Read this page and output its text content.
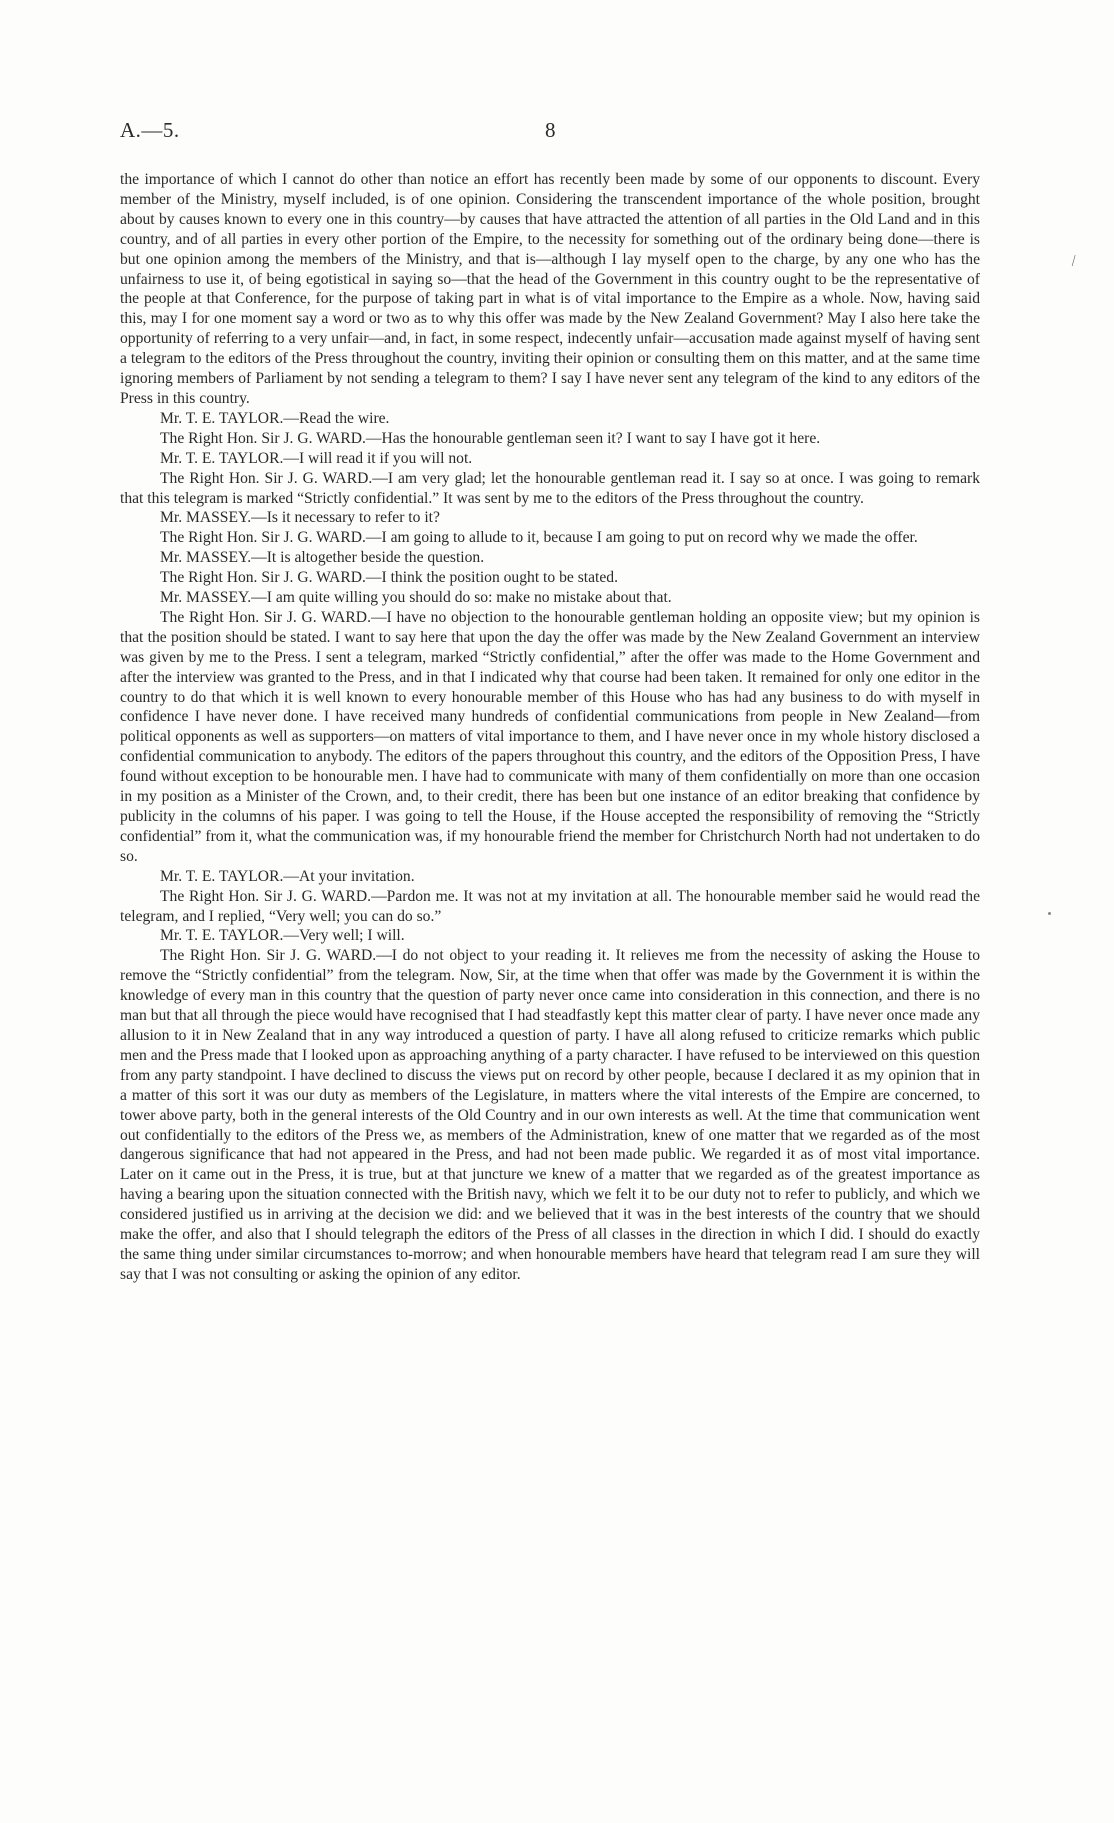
A.—5.	8
⁄

the importance of which I cannot do other than notice an effort has recently been made by some of our opponents to discount. Every member of the Ministry, myself included, is of one opinion. Considering the transcendent importance of the whole position, brought about by causes known to every one in this country—by causes that have attracted the attention of all parties in the Old Land and in this country, and of all parties in every other portion of the Empire, to the necessity for something out of the ordinary being done—there is but one opinion among the members of the Ministry, and that is—although I lay myself open to the charge, by any one who has the unfairness to use it, of being egotistical in saying so—that the head of the Government in this country ought to be the representative of the people at that Conference, for the purpose of taking part in what is of vital importance to the Empire as a whole. Now, having said this, may I for one moment say a word or two as to why this offer was made by the New Zealand Government? May I also here take the opportunity of referring to a very unfair—and, in fact, in some respect, indecently unfair—accusation made against myself of having sent a telegram to the editors of the Press throughout the country, inviting their opinion or consulting them on this matter, and at the same time ignoring members of Parliament by not sending a telegram to them? I say I have never sent any telegram of the kind to any editors of the Press in this country.

Mr. T. E. TAYLOR.—Read the wire.

The Right Hon. Sir J. G. WARD.—Has the honourable gentleman seen it? I want to say I have got it here.

Mr. T. E. TAYLOR.—I will read it if you will not.

The Right Hon. Sir J. G. WARD.—I am very glad; let the honourable gentleman read it. I say so at once. I was going to remark that this telegram is marked “Strictly confidential.” It was sent by me to the editors of the Press throughout the country.

Mr. MASSEY.—Is it necessary to refer to it?

The Right Hon. Sir J. G. WARD.—I am going to allude to it, because I am going to put on record why we made the offer.

Mr. MASSEY.—It is altogether beside the question.

The Right Hon. Sir J. G. WARD.—I think the position ought to be stated.

Mr. MASSEY.—I am quite willing you should do so: make no mistake about that.

The Right Hon. Sir J. G. WARD.—I have no objection to the honourable gentleman holding an opposite view; but my opinion is that the position should be stated. I want to say here that upon the day the offer was made by the New Zealand Government an interview was given by me to the Press. I sent a telegram, marked “Strictly confidential,” after the offer was made to the Home Government and after the interview was granted to the Press, and in that I indicated why that course had been taken. It remained for only one editor in the country to do that which it is well known to every honourable member of this House who has had any business to do with myself in confidence I have never done. I have received many hundreds of confidential communications from people in New Zealand—from political opponents as well as supporters—on matters of vital importance to them, and I have never once in my whole history disclosed a confidential communication to anybody. The editors of the papers throughout this country, and the editors of the Opposition Press, I have found without exception to be honourable men. I have had to communicate with many of them confidentially on more than one occasion in my position as a Minister of the Crown, and, to their credit, there has been but one instance of an editor breaking that confidence by publicity in the columns of his paper. I was going to tell the House, if the House accepted the responsibility of removing the “Strictly confidential” from it, what the communication was, if my honourable friend the member for Christchurch North had not undertaken to do so.

Mr. T. E. TAYLOR.—At your invitation.

The Right Hon. Sir J. G. WARD.—Pardon me. It was not at my invitation at all. The honourable member said he would read the telegram, and I replied, “Very well; you can do so.”

Mr. T. E. TAYLOR.—Very well; I will.

The Right Hon. Sir J. G. WARD.—I do not object to your reading it. It relieves me from the necessity of asking the House to remove the “Strictly confidential” from the telegram. Now, Sir, at the time when that offer was made by the Government it is within the knowledge of every man in this country that the question of party never once came into consideration in this connection, and there is no man but that all through the piece would have recognised that I had steadfastly kept this matter clear of party. I have never once made any allusion to it in New Zealand that in any way introduced a question of party. I have all along refused to criticize remarks which public men and the Press made that I looked upon as approaching anything of a party character. I have refused to be interviewed on this question from any party standpoint. I have declined to discuss the views put on record by other people, because I declared it as my opinion that in a matter of this sort it was our duty as members of the Legislature, in matters where the vital interests of the Empire are concerned, to tower above party, both in the general interests of the Old Country and in our own interests as well. At the time that communication went out confidentially to the editors of the Press we, as members of the Administration, knew of one matter that we regarded as of the most dangerous significance that had not appeared in the Press, and had not been made public. We regarded it as of most vital importance. Later on it came out in the Press, it is true, but at that juncture we knew of a matter that we regarded as of the greatest importance as having a bearing upon the situation connected with the British navy, which we felt it to be our duty not to refer to publicly, and which we considered justified us in arriving at the decision we did: and we believed that it was in the best interests of the country that we should make the offer, and also that I should telegraph the editors of the Press of all classes in the direction in which I did. I should do exactly the same thing under similar circumstances to-morrow; and when honourable members have heard that telegram read I am sure they will say that I was not consulting or asking the opinion of any editor.
